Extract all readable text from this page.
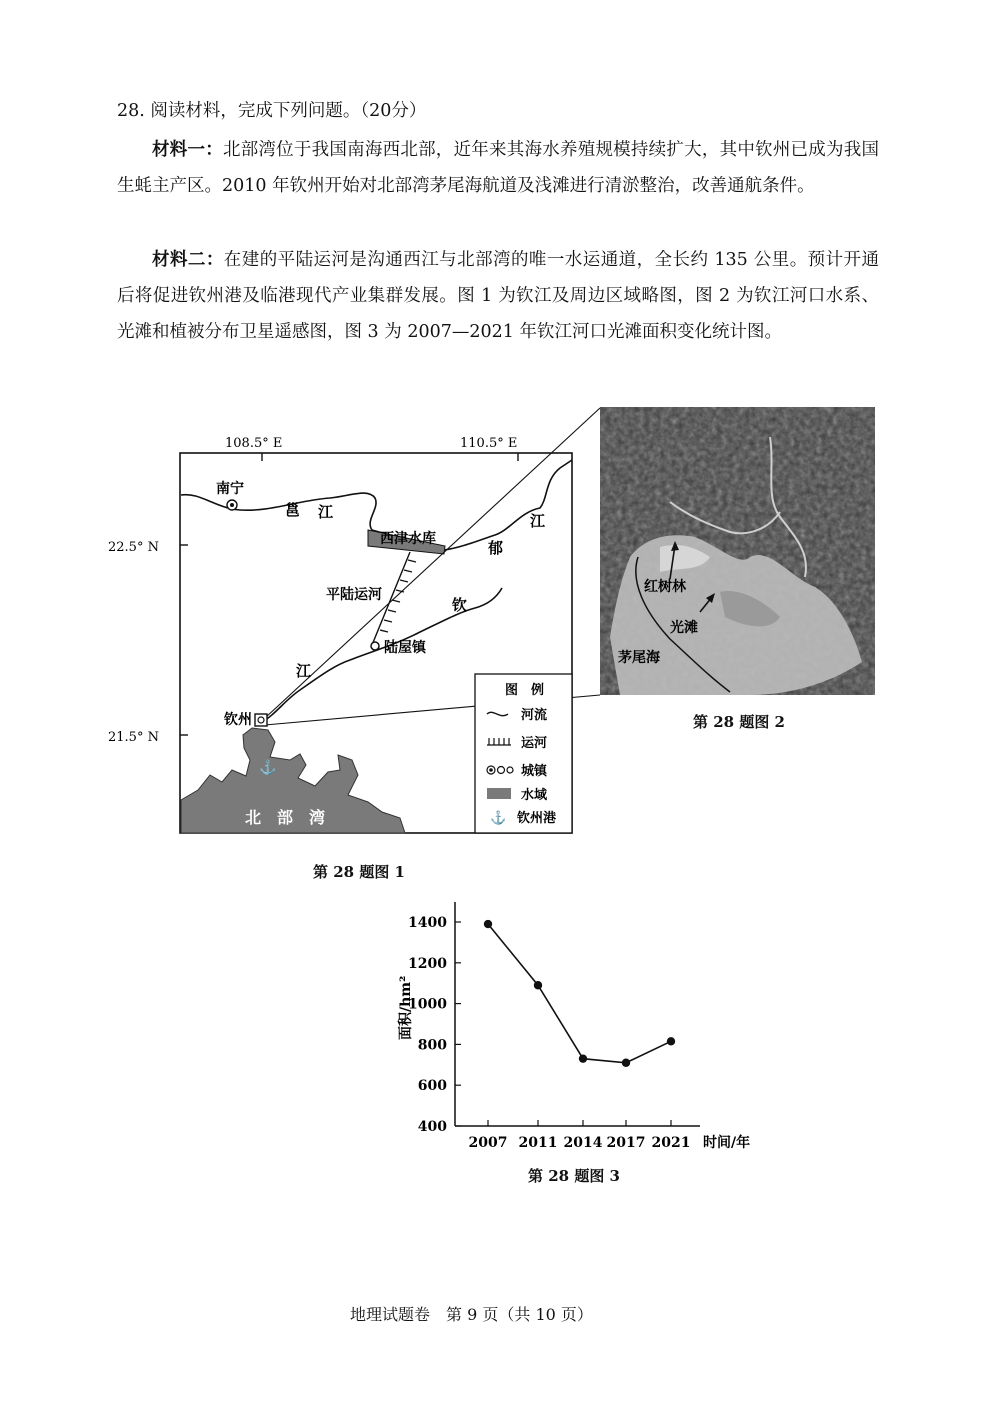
28. 阅读材料，完成下列问题。（20分）
材料一：北部湾位于我国南海西北部，近年来其海水养殖规模持续扩大，其中钦州已成为我国生蚝主产区。2010 年钦州开始对北部湾茅尾海航道及浅滩进行清淤整治，改善通航条件。
材料二：在建的平陆运河是沟通西江与北部湾的唯一水运通道，全长约 135 公里。预计开通后将促进钦州港及临港现代产业集群发展。图 1 为钦江及周边区域略图，图 2 为钦江河口水系、光滩和植被分布卫星遥感图，图 3 为 2007—2021 年钦江河口光滩面积变化统计图。
108.5° E	110.5° E
22.5° N
21.5° N
北　部　湾
西津水库
平陆运河
陆屋镇
南宁
邕 江
郁
江
钦
江
钦州
⚓
图　例
河流
运河
城镇
水域
⚓ 钦州港
红树林
光滩
茅尾海
第 28 题图 1
第 28 题图 2
1400
1200
1000
800
600
400
2007 2011 2014 2017 2021
面积/hm²
时间/年
第 28 题图 3
地理试题卷　第 9 页（共 10 页）
